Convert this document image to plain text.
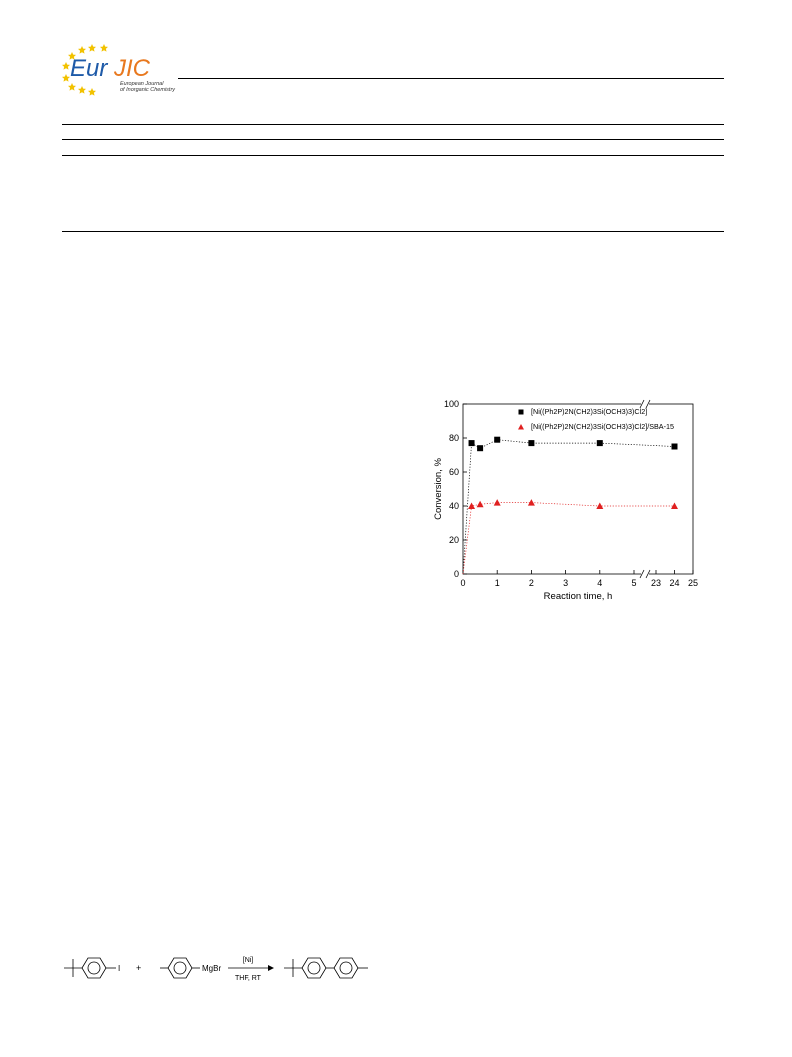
Eur JIC
European Journal
of Inorganic Chemistry
0
20
40
60
80
100
0	1	2	3	4	5 23 24 25
Reaction time, h
Conversion, %
[Ni((Ph2P)2N(CH2)3Si(OCH3)3)Cl2]
[Ni((Ph2P)2N(CH2)3Si(OCH3)3)Cl2]/SBA-15
I +	MgBr
[Ni]
THF, RT
